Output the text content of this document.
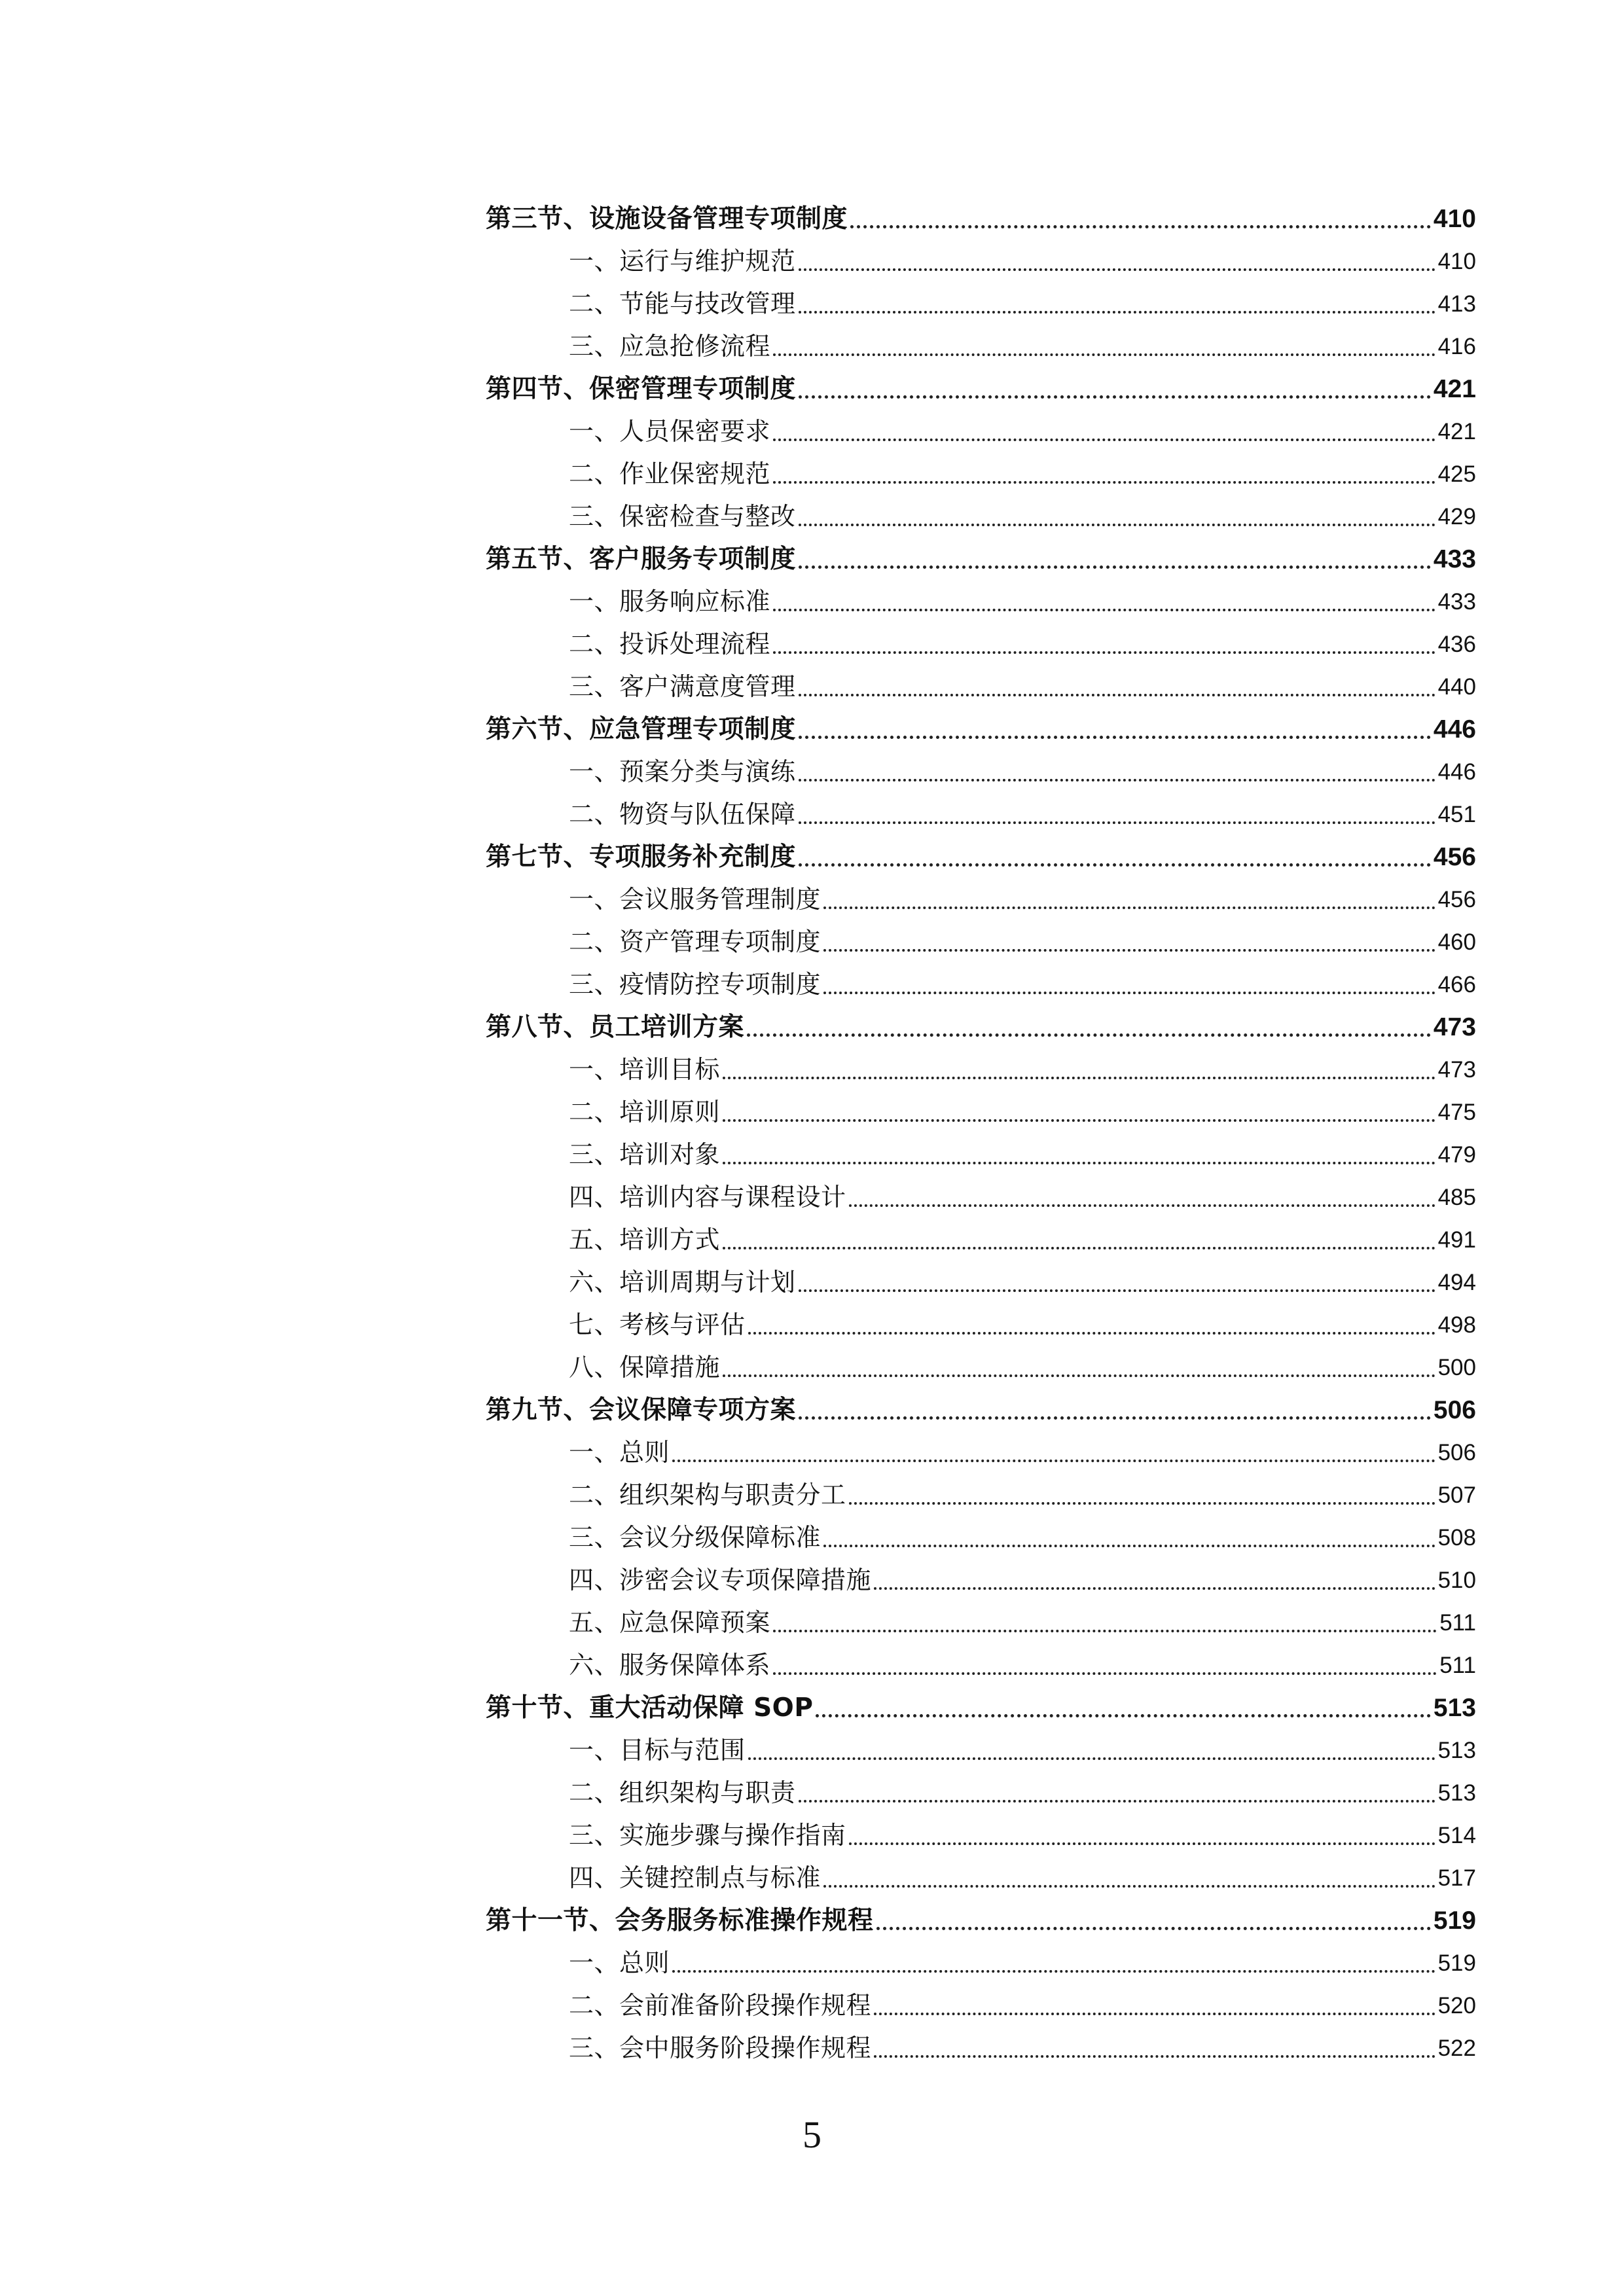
第三节、设施设备管理专项制度	410
一、运行与维护规范	410
二、节能与技改管理	413
三、应急抢修流程	416
第四节、保密管理专项制度	421
一、人员保密要求	421
二、作业保密规范	425
三、保密检查与整改	429
第五节、客户服务专项制度	433
一、服务响应标准	433
二、投诉处理流程	436
三、客户满意度管理	440
第六节、应急管理专项制度	446
一、预案分类与演练	446
二、物资与队伍保障	451
第七节、专项服务补充制度	456
一、会议服务管理制度	456
二、资产管理专项制度	460
三、疫情防控专项制度	466
第八节、员工培训方案	473
一、培训目标	473
二、培训原则	475
三、培训对象	479
四、培训内容与课程设计	485
五、培训方式	491
六、培训周期与计划	494
七、考核与评估	498
八、保障措施	500
第九节、会议保障专项方案	506
一、总则	506
二、组织架构与职责分工	507
三、会议分级保障标准	508
四、涉密会议专项保障措施	510
五、应急保障预案	511
六、服务保障体系	511
第十节、重大活动保障 SOP	513
一、目标与范围	513
二、组织架构与职责	513
三、实施步骤与操作指南	514
四、关键控制点与标准	517
第十一节、会务服务标准操作规程	519
一、总则	519
二、会前准备阶段操作规程	520
三、会中服务阶段操作规程	522
5
